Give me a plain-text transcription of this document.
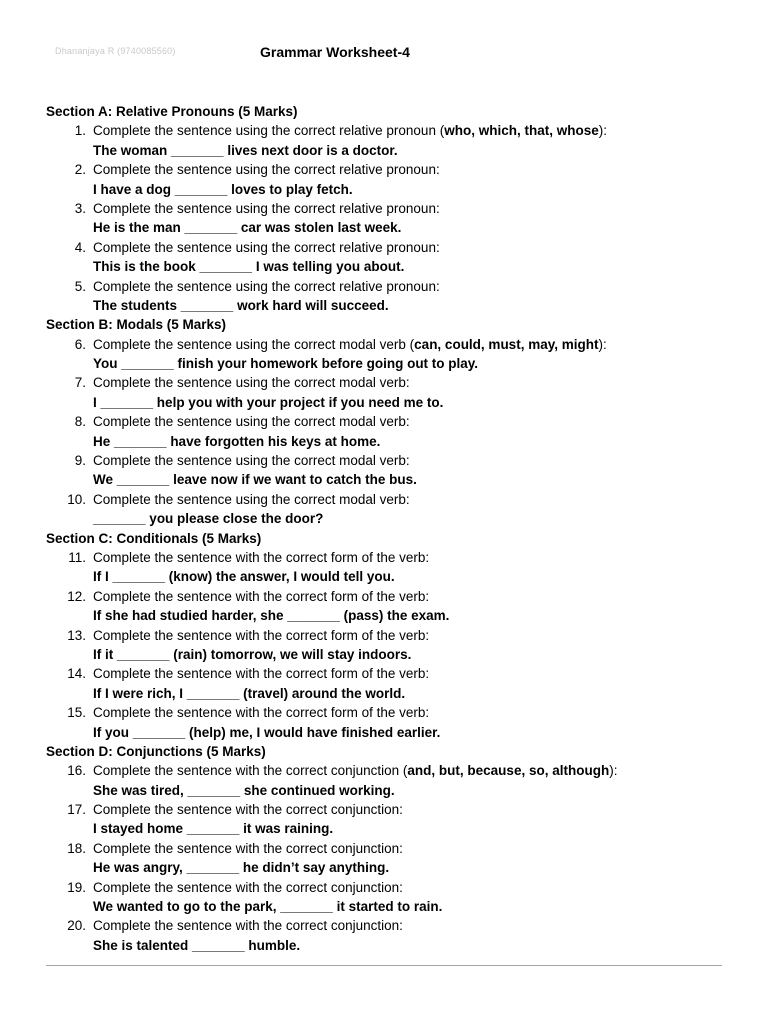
Dhananjaya R (9740085560)	Grammar Worksheet-4
Section A: Relative Pronouns (5 Marks)
1. Complete the sentence using the correct relative pronoun (who, which, that, whose):
The woman _______ lives next door is a doctor.
2. Complete the sentence using the correct relative pronoun:
I have a dog _______ loves to play fetch.
3. Complete the sentence using the correct relative pronoun:
He is the man _______ car was stolen last week.
4. Complete the sentence using the correct relative pronoun:
This is the book _______ I was telling you about.
5. Complete the sentence using the correct relative pronoun:
The students _______ work hard will succeed.
Section B: Modals (5 Marks)
6. Complete the sentence using the correct modal verb (can, could, must, may, might):
You _______ finish your homework before going out to play.
7. Complete the sentence using the correct modal verb:
I _______ help you with your project if you need me to.
8. Complete the sentence using the correct modal verb:
He _______ have forgotten his keys at home.
9. Complete the sentence using the correct modal verb:
We _______ leave now if we want to catch the bus.
10. Complete the sentence using the correct modal verb:
_______ you please close the door?
Section C: Conditionals (5 Marks)
11. Complete the sentence with the correct form of the verb:
If I _______ (know) the answer, I would tell you.
12. Complete the sentence with the correct form of the verb:
If she had studied harder, she _______ (pass) the exam.
13. Complete the sentence with the correct form of the verb:
If it _______ (rain) tomorrow, we will stay indoors.
14. Complete the sentence with the correct form of the verb:
If I were rich, I _______ (travel) around the world.
15. Complete the sentence with the correct form of the verb:
If you _______ (help) me, I would have finished earlier.
Section D: Conjunctions (5 Marks)
16. Complete the sentence with the correct conjunction (and, but, because, so, although):
She was tired, _______ she continued working.
17. Complete the sentence with the correct conjunction:
I stayed home _______ it was raining.
18. Complete the sentence with the correct conjunction:
He was angry, _______ he didn’t say anything.
19. Complete the sentence with the correct conjunction:
We wanted to go to the park, _______ it started to rain.
20. Complete the sentence with the correct conjunction:
She is talented _______ humble.
